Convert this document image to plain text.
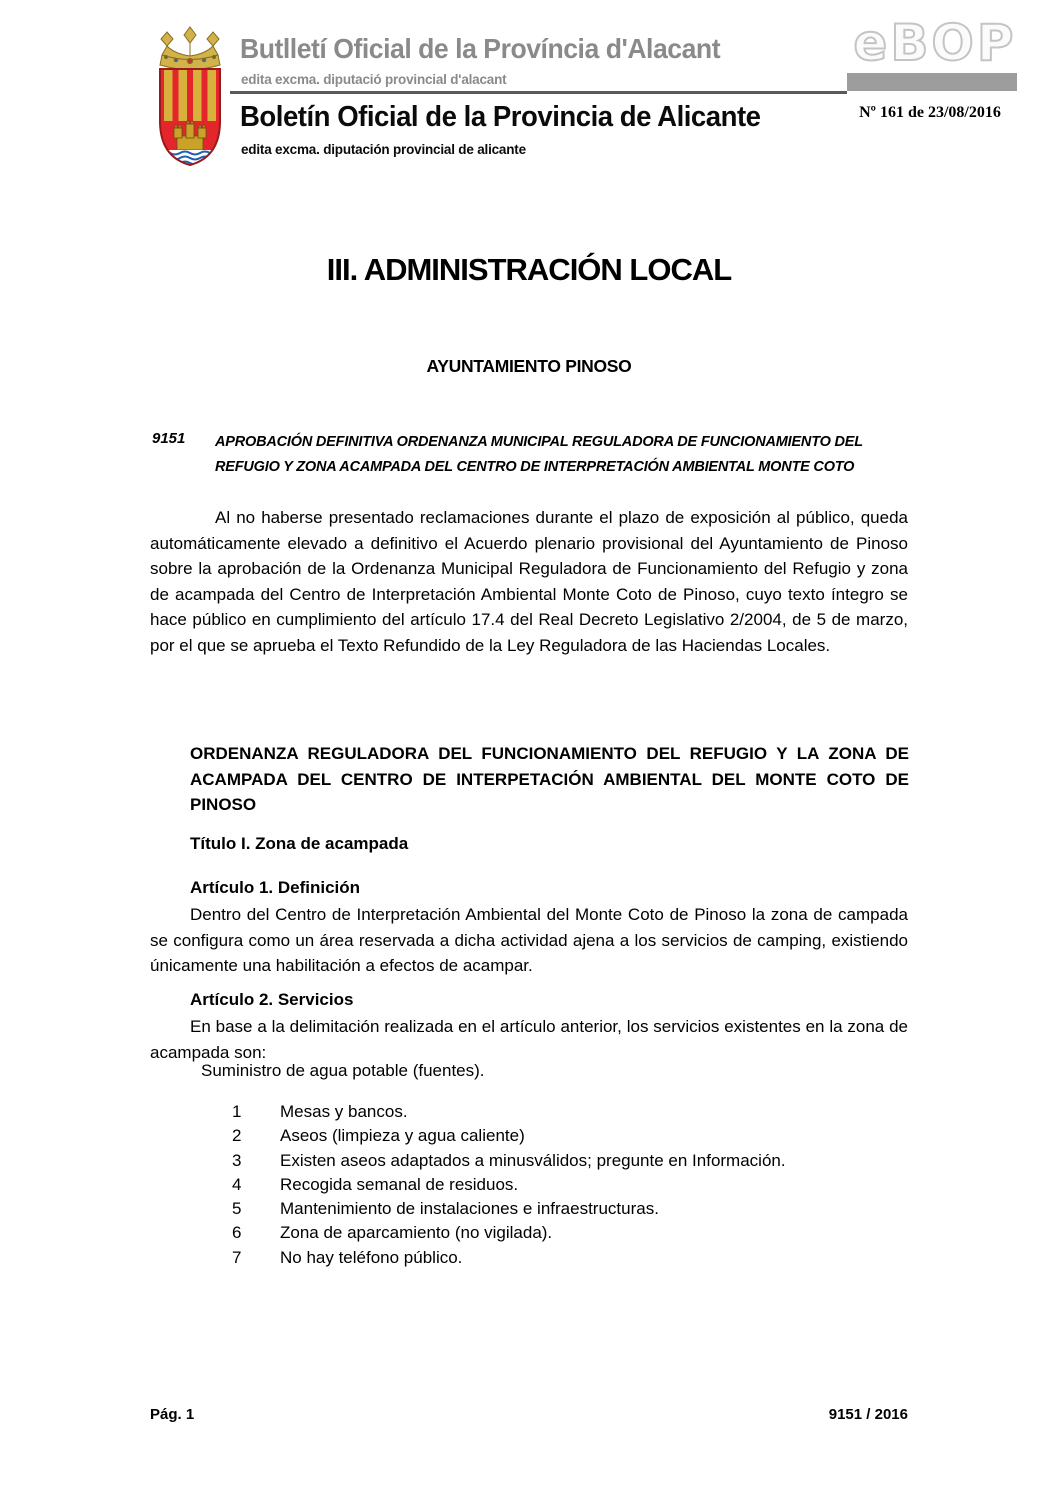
Butlletí Oficial de la Província d'Alacant
edita excma. diputació provincial d'alacant
Boletín Oficial de la Provincia de Alicante
edita excma. diputación provincial de alicante
eBOP
Nº 161 de 23/08/2016
III. ADMINISTRACIÓN LOCAL
AYUNTAMIENTO PINOSO
9151	APROBACIÓN DEFINITIVA ORDENANZA MUNICIPAL REGULADORA DE FUNCIONAMIENTO DEL REFUGIO Y ZONA ACAMPADA DEL CENTRO DE INTERPRETACIÓN AMBIENTAL MONTE COTO

Al no haberse presentado reclamaciones durante el plazo de exposición al público, queda automáticamente elevado a definitivo el Acuerdo plenario provisional del Ayuntamiento de Pinoso sobre la aprobación de la Ordenanza Municipal Reguladora de Funcionamiento del Refugio y zona de acampada del Centro de Interpretación Ambiental Monte Coto de Pinoso, cuyo texto íntegro se hace público en cumplimiento del artículo 17.4 del Real Decreto Legislativo 2/2004, de 5 de marzo, por el que se aprueba el Texto Refundido de la Ley Reguladora de las Haciendas Locales.

ORDENANZA REGULADORA DEL FUNCIONAMIENTO DEL REFUGIO Y LA ZONA DE ACAMPADA DEL CENTRO DE INTERPETACIÓN AMBIENTAL DEL MONTE COTO DE PINOSO

Título I. Zona de acampada

Artículo 1. Definición

Dentro del Centro de Interpretación Ambiental del Monte Coto de Pinoso la zona de campada se configura como un área reservada a dicha actividad ajena a los servicios de camping, existiendo únicamente una habilitación a efectos de acampar.

Artículo 2. Servicios

En base a la delimitación realizada en el artículo anterior, los servicios existentes en la zona de acampada son:

Suministro de agua potable (fuentes).
1	Mesas y bancos.
2	Aseos (limpieza y agua caliente)
3	Existen aseos adaptados a minusválidos; pregunte en Información.
4	Recogida semanal de residuos.
5	Mantenimiento de instalaciones e infraestructuras.
6	Zona de aparcamiento (no vigilada).
7	No hay teléfono público.
Pág. 1	9151 / 2016
